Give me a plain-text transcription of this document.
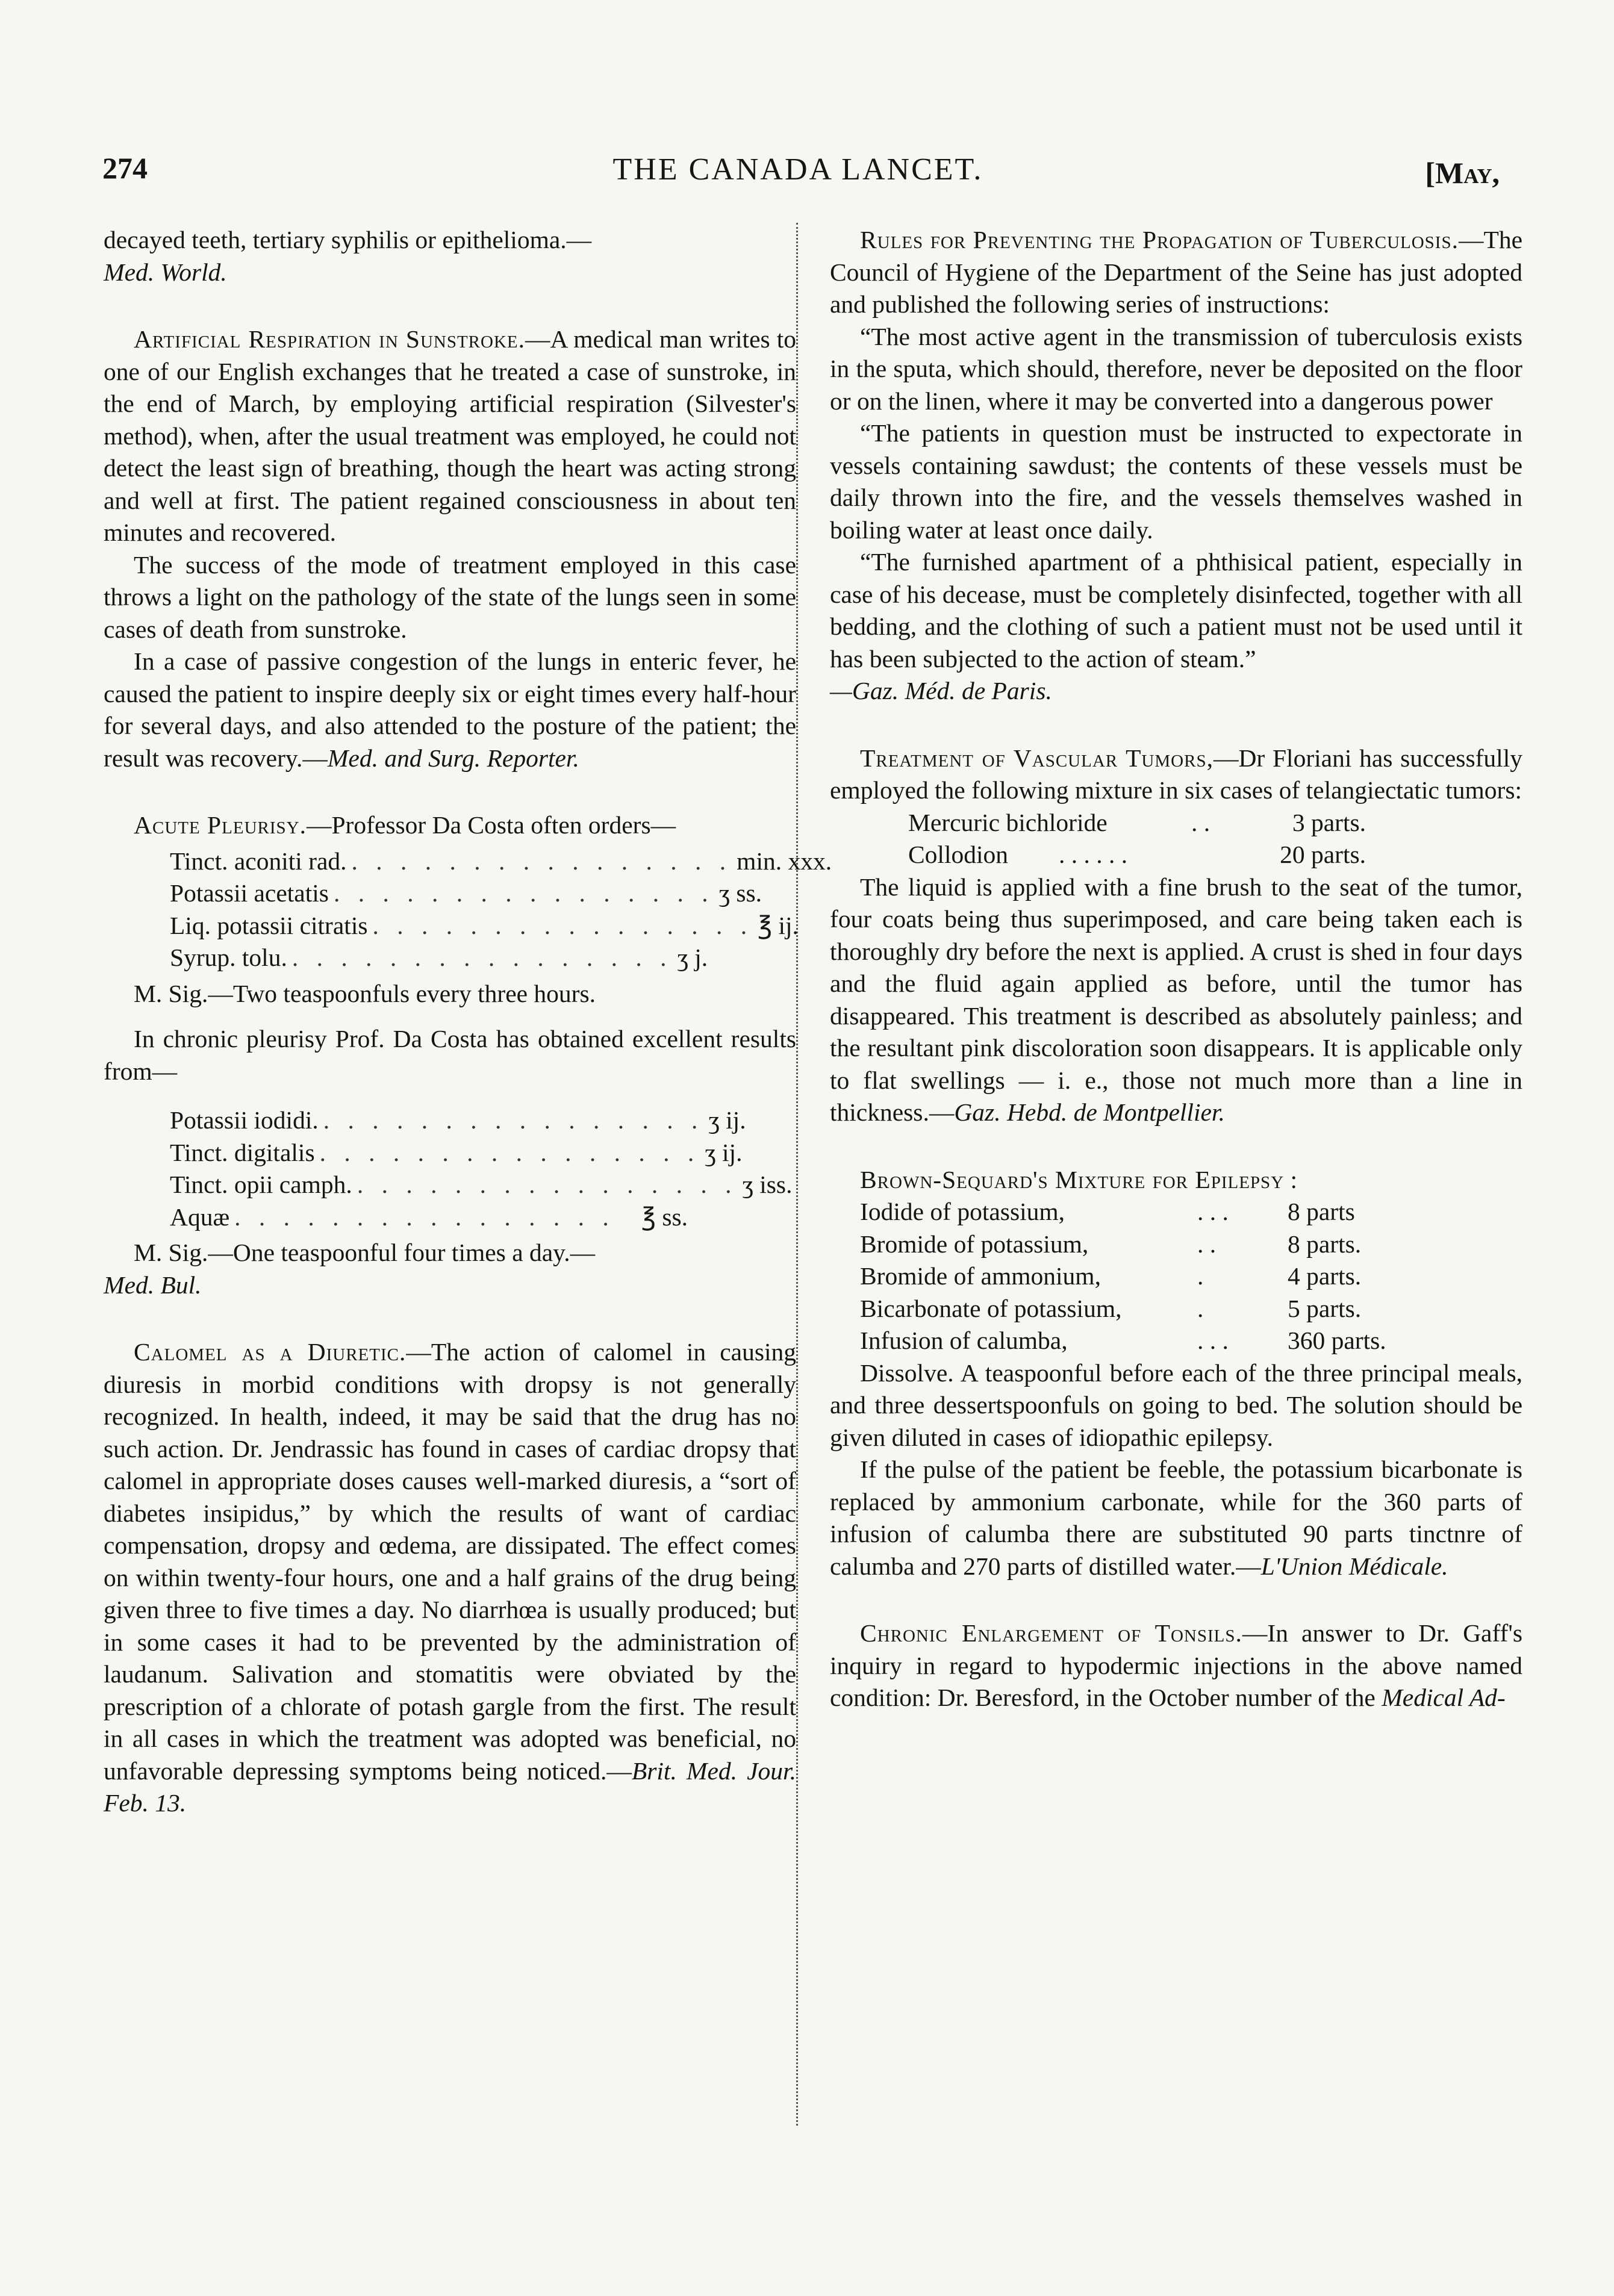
274	THE CANADA LANCET.	[May,

decayed teeth, tertiary syphilis or epithelioma.—
Med. World.

Artificial Respiration in Sunstroke.—A medical man writes to one of our English exchanges that he treated a case of sunstroke, in the end of March, by employing artificial respiration (Silvester's method), when, after the usual treatment was employed, he could not detect the least sign of breathing, though the heart was acting strong and well at first. The patient regained consciousness in about ten minutes and recovered.

The success of the mode of treatment employed in this case throws a light on the pathology of the state of the lungs seen in some cases of death from sunstroke.

In a case of passive congestion of the lungs in enteric fever, he caused the patient to inspire deeply six or eight times every half-hour for several days, and also attended to the posture of the patient; the result was recovery.—Med. and Surg. Reporter.

Acute Pleurisy.—Professor Da Costa often orders—

Tinct. aconiti rad. . . . . . . . . . . . . . . . . min. xxx.
Potassii acetatis . . . . . . . . . . . . . . . . ʒ ss.
Liq. potassii citratis . . . . . . . . . . . . . . . . ℥ ij.
Syrup. tolu. . . . . . . . . . . . . . . . . ʒ j.

M. Sig.—Two teaspoonfuls every three hours.

In chronic pleurisy Prof. Da Costa has obtained excellent results from—

Potassii iodidi. . . . . . . . . . . . . . . . . ʒ ij.
Tinct. digitalis . . . . . . . . . . . . . . . . ʒ ij.
Tinct. opii camph. . . . . . . . . . . . . . . . . ʒ iss.
Aquæ . . . . . . . . . . . . . . . .	℥ ss.

M. Sig.—One teaspoonful four times a day.—
Med. Bul.

Calomel as a Diuretic.—The action of calomel in causing diuresis in morbid conditions with dropsy is not generally recognized. In health, indeed, it may be said that the drug has no such action. Dr. Jendrassic has found in cases of cardiac dropsy that calomel in appropriate doses causes well-marked diuresis, a “sort of diabetes insipidus,” by which the results of want of cardiac compensation, dropsy and œdema, are dissipated. The effect comes on within twenty-four hours, one and a half grains of the drug being given three to five times a day. No diarrhœa is usually produced; but in some cases it had to be prevented by the administration of laudanum. Salivation and stomatitis were obviated by the prescription of a chlorate of potash gargle from the first. The result in all cases in which the treatment was adopted was beneficial, no unfavorable depressing symptoms being noticed.—Brit. Med. Jour. Feb. 13.

Rules for Preventing the Propagation of Tuberculosis.—The Council of Hygiene of the Department of the Seine has just adopted and published the following series of instructions:

“The most active agent in the transmission of tuberculosis exists in the sputa, which should, therefore, never be deposited on the floor or on the linen, where it may be converted into a dangerous power

“The patients in question must be instructed to expectorate in vessels containing sawdust; the contents of these vessels must be daily thrown into the fire, and the vessels themselves washed in boiling water at least once daily.

“The furnished apartment of a phthisical patient, especially in case of his decease, must be completely disinfected, together with all bedding, and the clothing of such a patient must not be used until it has been subjected to the action of steam.”
—Gaz. Méd. de Paris.

Treatment of Vascular Tumors,—Dr Floriani has successfully employed the following mixture in six cases of telangiectatic tumors:

Mercuric bichloride	. .	3 parts.
Collodion	. . . . . .	20 parts.

The liquid is applied with a fine brush to the seat of the tumor, four coats being thus superimposed, and care being taken each is thoroughly dry before the next is applied. A crust is shed in four days and the fluid again applied as before, until the tumor has disappeared. This treatment is described as absolutely painless; and the resultant pink discoloration soon disappears. It is applicable only to flat swellings — i. e., those not much more than a line in thickness.—Gaz. Hebd. de Montpellier.

Brown-Sequard's Mixture for Epilepsy :

Iodide of potassium,	. . .	8 parts
Bromide of potassium,	. .	8 parts.
Bromide of ammonium,	.	4 parts.
Bicarbonate of potassium,	.	5 parts.
Infusion of calumba,	. . .	360 parts.

Dissolve. A teaspoonful before each of the three principal meals, and three dessertspoonfuls on going to bed. The solution should be given diluted in cases of idiopathic epilepsy.

If the pulse of the patient be feeble, the potassium bicarbonate is replaced by ammonium carbonate, while for the 360 parts of infusion of calumba there are substituted 90 parts tinctnre of calumba and 270 parts of distilled water.—L'Union Médicale.

Chronic Enlargement of Tonsils.—In answer to Dr. Gaff's inquiry in regard to hypodermic injections in the above named condition: Dr. Beresford, in the October number of the Medical Ad-
